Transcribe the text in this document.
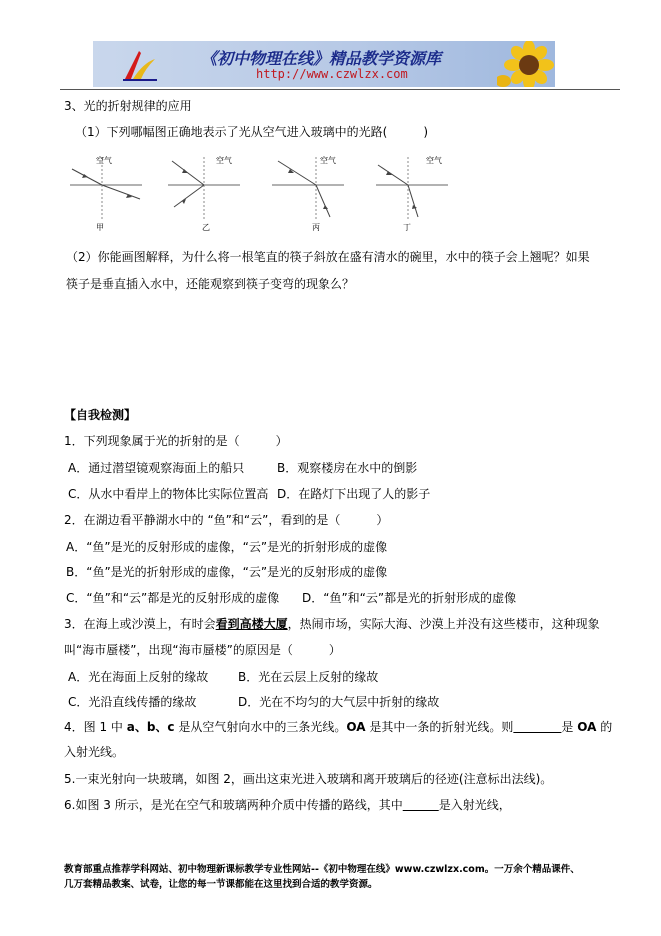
《初中物理在线》精品教学资源库
http://www.czwlzx.com
3、光的折射规律的应用
（1）下列哪幅图正确地表示了光从空气进入玻璃中的光路(　　　)
空气
甲
空气
乙
空气
丙
空气
丁
（2）你能画图解释，为什么将一根笔直的筷子斜放在盛有清水的碗里，水中的筷子会上翘呢？如果
筷子是垂直插入水中，还能观察到筷子变弯的现象么？
【自我检测】
1．下列现象属于光的折射的是（　　　）
A．通过潜望镜观察海面上的船只	B．观察楼房在水中的倒影
C．从水中看岸上的物体比实际位置高 D．在路灯下出现了人的影子
2．在湖边看平静湖水中的 “鱼”和“云”，看到的是（　　　）
A．“鱼”是光的反射形成的虚像，“云”是光的折射形成的虚像
B．“鱼”是光的折射形成的虚像，“云”是光的反射形成的虚像
C．“鱼”和“云”都是光的反射形成的虚像 D．“鱼”和“云”都是光的折射形成的虚像
3．在海上或沙漠上，有时会看到高楼大厦，热闹市场，实际大海、沙漠上并没有这些楼市，这种现象
叫“海市蜃楼”，出现“海市蜃楼”的原因是（　　　）
A．光在海面上反射的缘故 B．光在云层上反射的缘故
C．光沿直线传播的缘故	D．光在不均匀的大气层中折射的缘故
4．图 1 中 a、b、c 是从空气射向水中的三条光线。OA 是其中一条的折射光线。则　　　　	是 OA 的
入射光线。
5.一束光射向一块玻璃，如图 2，画出这束光进入玻璃和离开玻璃后的径迹(注意标出法线)。
6.如图 3 所示，是光在空气和玻璃两种介质中传播的路线，其中　　　	是入射光线，
教育部重点推荐学科网站、初中物理新课标教学专业性网站--《初中物理在线》www.czwlzx.com。一万余个精品课件、
几万套精品教案、试卷，让您的每一节课都能在这里找到合适的教学资源。
